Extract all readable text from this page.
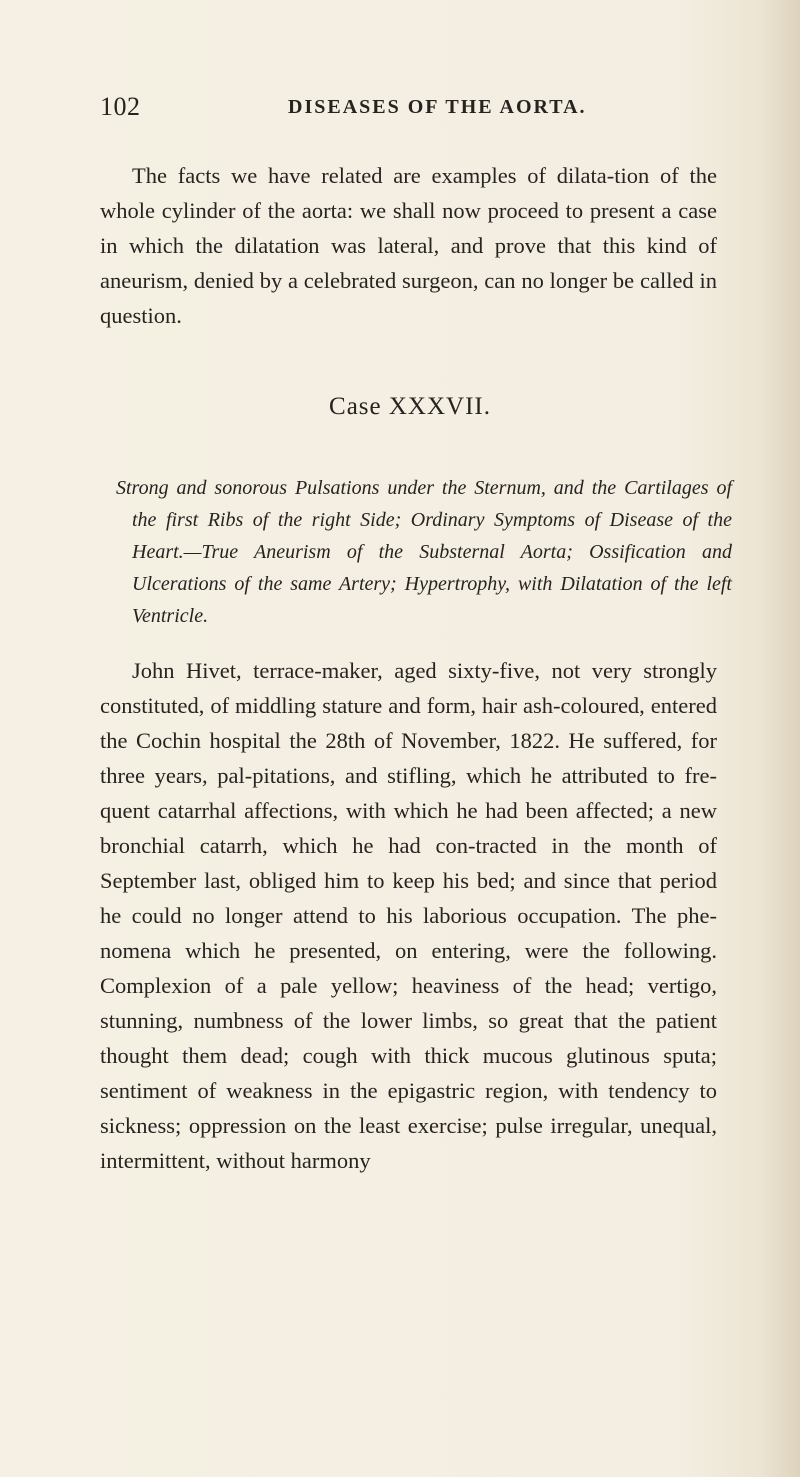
102	DISEASES OF THE AORTA.

The facts we have related are examples of dilata-tion of the whole cylinder of the aorta: we shall now proceed to present a case in which the dilatation was lateral, and prove that this kind of aneurism, denied by a celebrated surgeon, can no longer be called in question.

Case XXXVII.

Strong and sonorous Pulsations under the Sternum, and the Cartilages of the first Ribs of the right Side; Ordinary Symptoms of Disease of the Heart.—True Aneurism of the Substernal Aorta; Ossification and Ulcerations of the same Artery; Hypertrophy, with Dilatation of the left Ventricle.

John Hivet, terrace-maker, aged sixty-five, not very strongly constituted, of middling stature and form, hair ash-coloured, entered the Cochin hospital the 28th of November, 1822. He suffered, for three years, pal-pitations, and stifling, which he attributed to fre-quent catarrhal affections, with which he had been affected; a new bronchial catarrh, which he had con-tracted in the month of September last, obliged him to keep his bed; and since that period he could no longer attend to his laborious occupation. The phe-nomena which he presented, on entering, were the following. Complexion of a pale yellow; heaviness of the head; vertigo, stunning, numbness of the lower limbs, so great that the patient thought them dead; cough with thick mucous glutinous sputa; sentiment of weakness in the epigastric region, with tendency to sickness; oppression on the least exercise; pulse irregular, unequal, intermittent, without harmony
